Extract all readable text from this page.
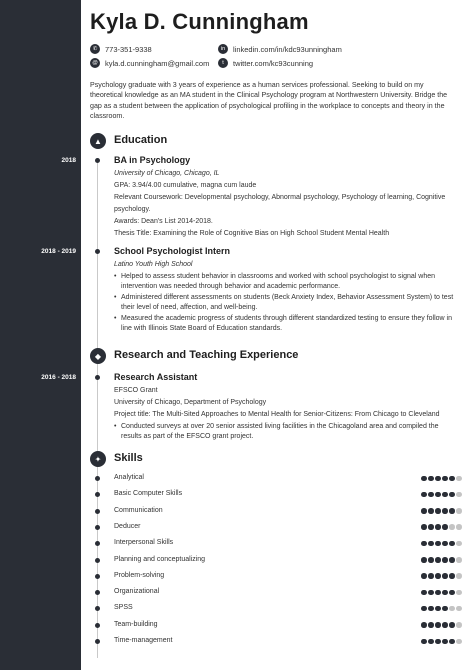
Kyla D. Cunningham
✆	773-351-9338
@ kyla.d.cunningham@gmail.com
in	linkedin.com/in/kdc93unningham
t	twitter.com/kc93cunning
Psychology graduate with 3 years of experience as a human services professional. Seeking to build on my theoretical knowledge as an MA student in the Clinical Psychology program at Northwestern University. Bridge the gap as a student between the application of psychological profiling in the workplace to concepts and theory in the classroom.
▲	Education
2018	BA in Psychology
University of Chicago, Chicago, IL
GPA: 3.94/4.00 cumulative, magna cum laude
Relevant Coursework: Developmental psychology, Abnormal psychology, Psychology of learning, Cognitive
psychology.
Awards: Dean's List 2014-2018.
Thesis Title: Examining the Role of Cognitive Bias on High School Student Mental Health
2018 - 2019	School Psychologist Intern
Latino Youth High School
• Helped to assess student behavior in classrooms and worked with school psychologist to signal when intervention was needed through behavior and academic performance.
• Administered different assessments on students (Beck Anxiety Index, Behavior Assessment System) to test their level of need, affection, and well-being.
• Measured the academic progress of students through different standardized testing to ensure they follow in line with Illinois State Board of Education standards.
◆	Research and Teaching Experience
2016 - 2018	Research Assistant
EFSCO Grant
University of Chicago, Department of Psychology
Project title: The Multi-Sited Approaches to Mental Health for Senior-Citizens: From Chicago to Cleveland
• Conducted surveys at over 20 senior assisted living facilities in the Chicagoland area and compiled the results as part of the EFSCO grant project.
✦	Skills
Analytical
Basic Computer Skills
Communication
Deducer
Interpersonal Skills
Planning and conceptualizing
Problem-solving
Organizational
SPSS
Team-building
Time-management
